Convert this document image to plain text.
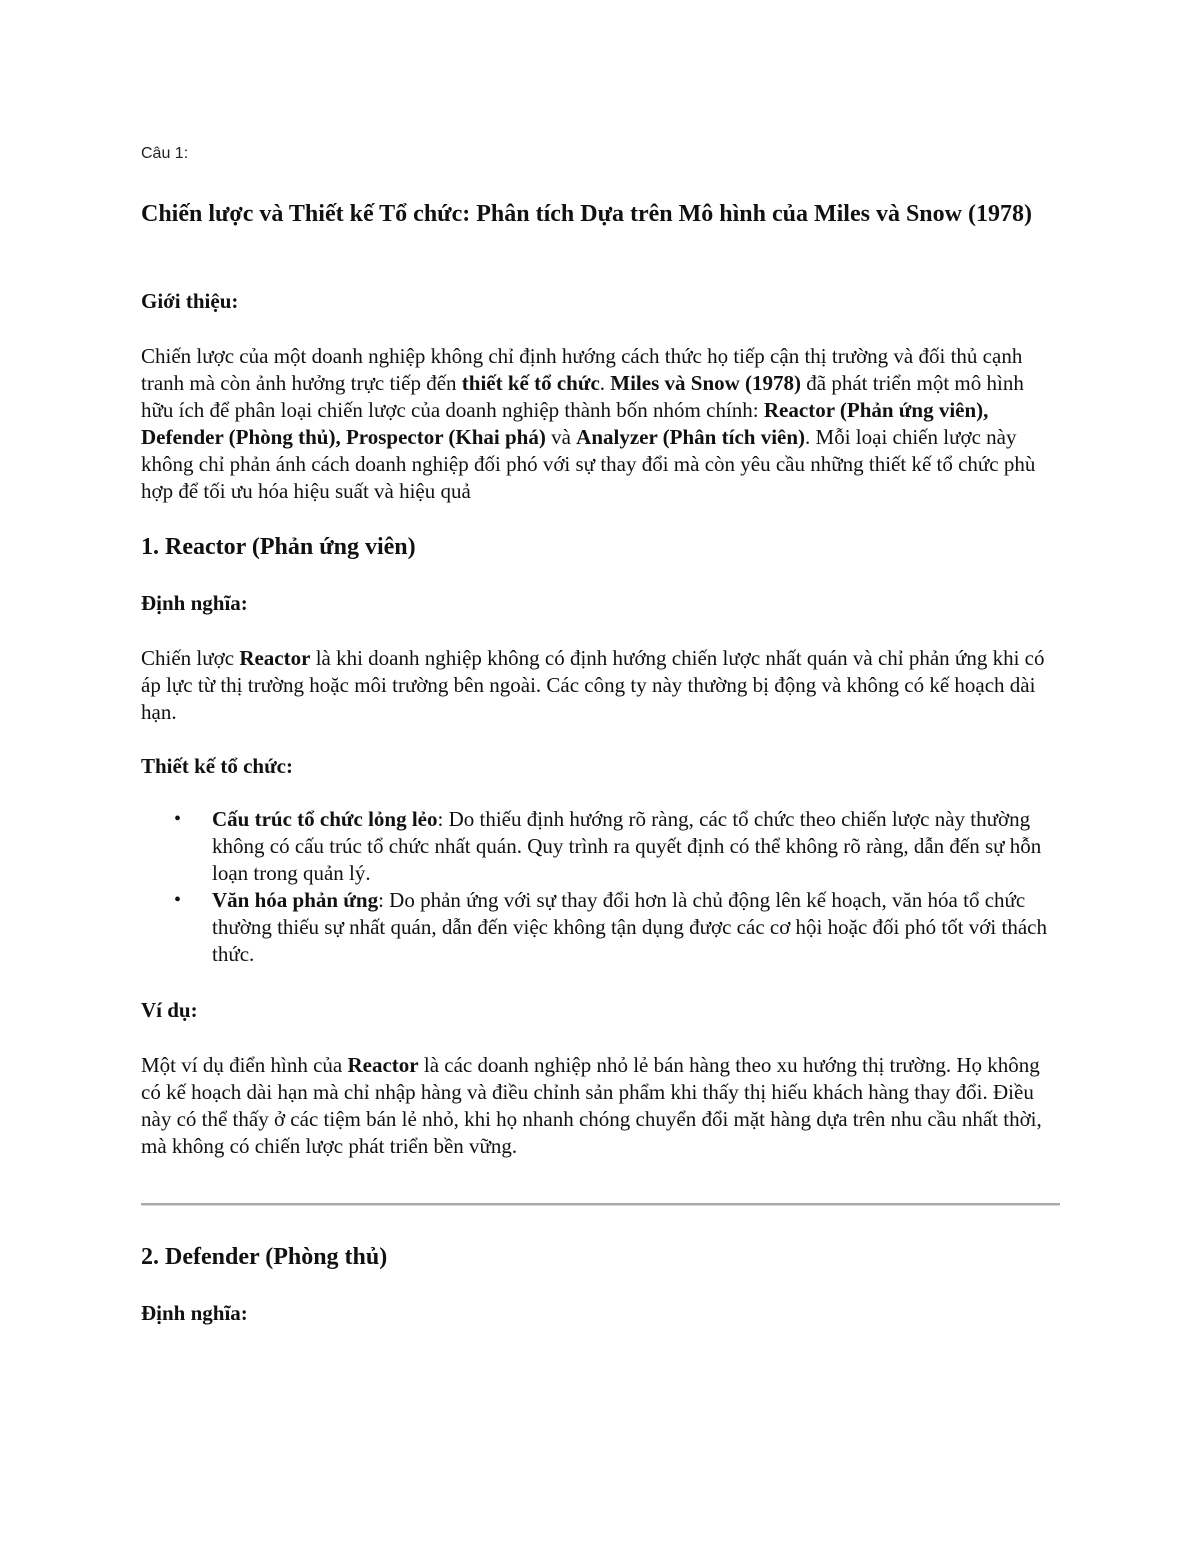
Câu 1:
Chiến lược và Thiết kế Tổ chức: Phân tích Dựa trên Mô hình của Miles và Snow (1978)
Giới thiệu:

Chiến lược của một doanh nghiệp không chỉ định hướng cách thức họ tiếp cận thị trường và đối thủ cạnh tranh mà còn ảnh hưởng trực tiếp đến thiết kế tổ chức. Miles và Snow (1978) đã phát triển một mô hình hữu ích để phân loại chiến lược của doanh nghiệp thành bốn nhóm chính: Reactor (Phản ứng viên), Defender (Phòng thủ), Prospector (Khai phá) và Analyzer (Phân tích viên). Mỗi loại chiến lược này không chỉ phản ánh cách doanh nghiệp đối phó với sự thay đổi mà còn yêu cầu những thiết kế tổ chức phù hợp để tối ưu hóa hiệu suất và hiệu quả

1. Reactor (Phản ứng viên)
Định nghĩa:

Chiến lược Reactor là khi doanh nghiệp không có định hướng chiến lược nhất quán và chỉ phản ứng khi có áp lực từ thị trường hoặc môi trường bên ngoài. Các công ty này thường bị động và không có kế hoạch dài hạn.

Thiết kế tổ chức:
• Cấu trúc tổ chức lỏng lẻo: Do thiếu định hướng rõ ràng, các tổ chức theo chiến lược này thường không có cấu trúc tổ chức nhất quán. Quy trình ra quyết định có thể không rõ ràng, dẫn đến sự hỗn loạn trong quản lý.
• Văn hóa phản ứng: Do phản ứng với sự thay đổi hơn là chủ động lên kế hoạch, văn hóa tổ chức thường thiếu sự nhất quán, dẫn đến việc không tận dụng được các cơ hội hoặc đối phó tốt với thách thức.
Ví dụ:

Một ví dụ điển hình của Reactor là các doanh nghiệp nhỏ lẻ bán hàng theo xu hướng thị trường. Họ không có kế hoạch dài hạn mà chỉ nhập hàng và điều chỉnh sản phẩm khi thấy thị hiếu khách hàng thay đổi. Điều này có thể thấy ở các tiệm bán lẻ nhỏ, khi họ nhanh chóng chuyển đổi mặt hàng dựa trên nhu cầu nhất thời, mà không có chiến lược phát triển bền vững.

2. Defender (Phòng thủ)
Định nghĩa:
